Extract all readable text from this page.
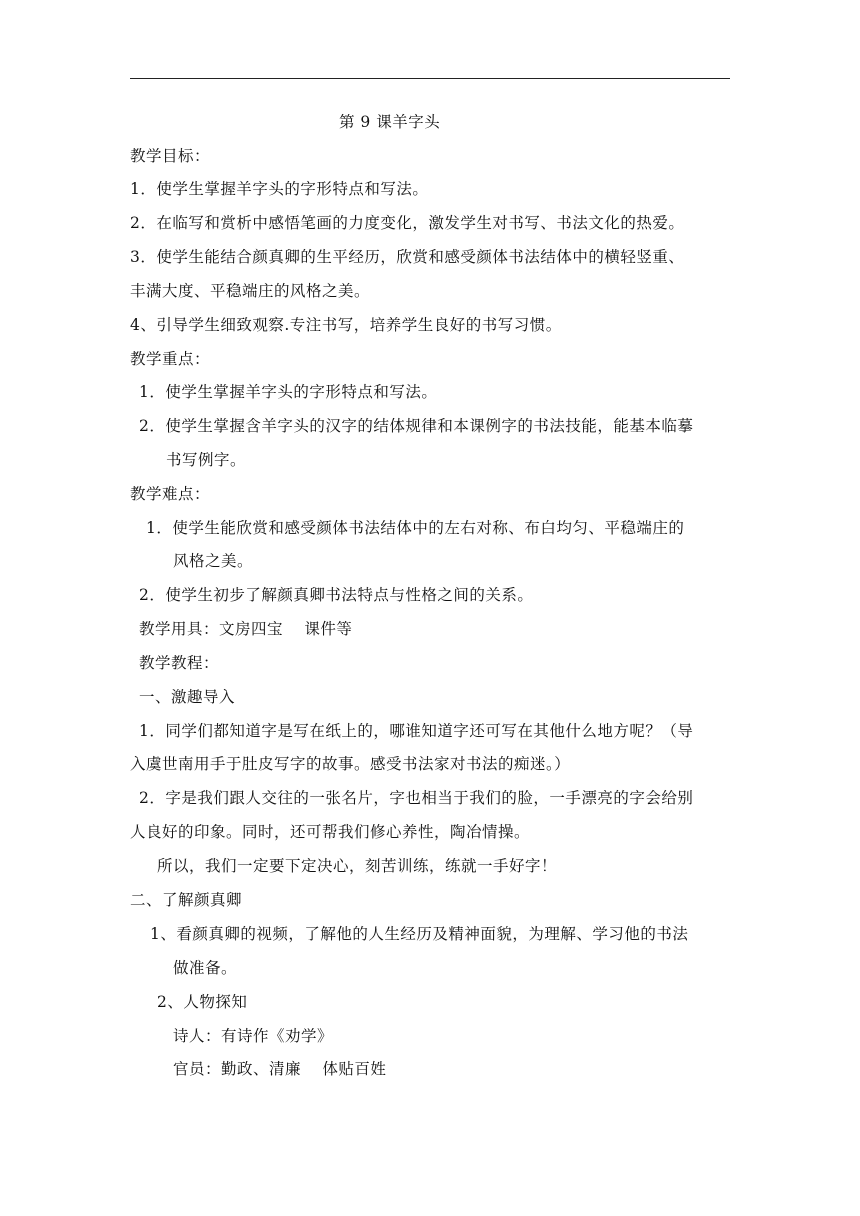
第 9 课羊字头
教学目标：
1．使学生掌握羊字头的字形特点和写法。
2．在临写和赏析中感悟笔画的力度变化，激发学生对书写、书法文化的热爱。
3．使学生能结合颜真卿的生平经历，欣赏和感受颜体书法结体中的横轻竖重、
丰满大度、平稳端庄的风格之美。
4、引导学生细致观察.专注书写，培养学生良好的书写习惯。
教学重点：
1．使学生掌握羊字头的字形特点和写法。
2．使学生掌握含羊字头的汉字的结体规律和本课例字的书法技能，能基本临摹
书写例字。
教学难点：
1．使学生能欣赏和感受颜体书法结体中的左右对称、布白均匀、平稳端庄的
风格之美。
2．使学生初步了解颜真卿书法特点与性格之间的关系。
教学用具：文房四宝　 课件等
教学教程：
一、激趣导入
1．同学们都知道字是写在纸上的，哪谁知道字还可写在其他什么地方呢？（导
入虞世南用手于肚皮写字的故事。感受书法家对书法的痴迷。）
2．字是我们跟人交往的一张名片，字也相当于我们的脸，一手漂亮的字会给别
人良好的印象。同时，还可帮我们修心养性，陶冶情操。
所以，我们一定要下定决心，刻苦训练，练就一手好字！
二、了解颜真卿
1、看颜真卿的视频，了解他的人生经历及精神面貌，为理解、学习他的书法
做准备。
2、人物探知
诗人：有诗作《劝学》
官员：勤政、清廉　 体贴百姓
